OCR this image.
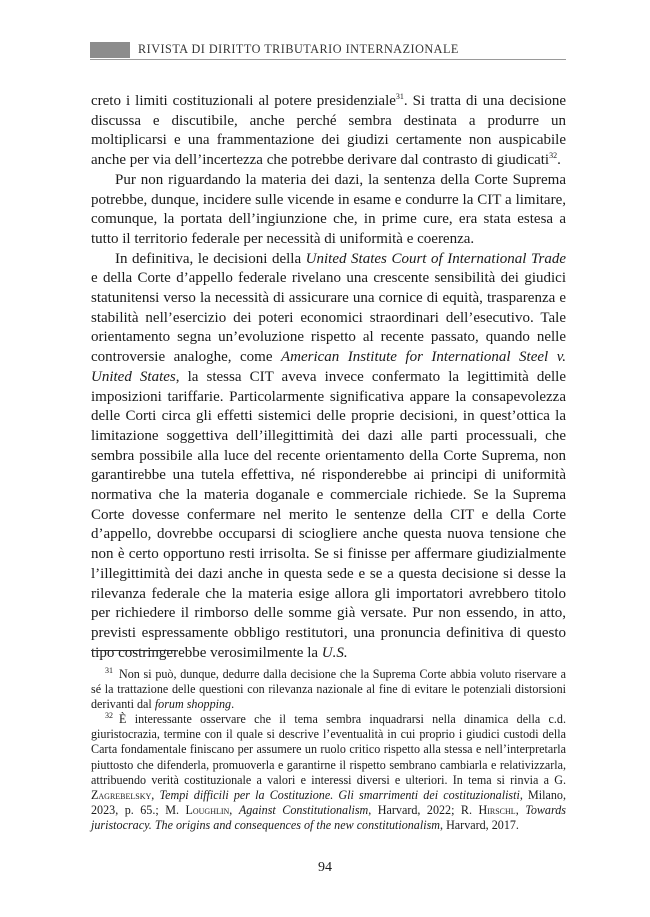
RIVISTA DI DIRITTO TRIBUTARIO INTERNAZIONALE

creto i limiti costituzionali al potere presidenziale$^{31}$. Si tratta di una decisione discussa e discutibile, anche perché sembra destinata a produrre un moltiplicarsi e una frammentazione dei giudizi certamente non auspicabile anche per via dell’incertezza che potrebbe derivare dal contrasto di giudicati$^{32}$.

Pur non riguardando la materia dei dazi, la sentenza della Corte Suprema potrebbe, dunque, incidere sulle vicende in esame e condurre la CIT a limitare, comunque, la portata dell’ingiunzione che, in prime cure, era stata estesa a tutto il territorio federale per necessità di uniformità e coerenza.

In definitiva, le decisioni della United States Court of International Trade e della Corte d’appello federale rivelano una crescente sensibilità dei giudici statunitensi verso la necessità di assicurare una cornice di equità, trasparenza e stabilità nell’esercizio dei poteri economici straordinari dell’esecutivo. Tale orientamento segna un’evoluzione rispetto al recente passato, quando nelle controversie analoghe, come American Institute for International Steel v. United States, la stessa CIT aveva invece confermato la legittimità delle imposizioni tariffarie. Particolarmente significativa appare la consapevolezza delle Corti circa gli effetti sistemici delle proprie decisioni, in quest’ottica la limitazione soggettiva dell’illegittimità dei dazi alle parti processuali, che sembra possibile alla luce del recente orientamento della Corte Suprema, non garantirebbe una tutela effettiva, né risponderebbe ai principi di uniformità normativa che la materia doganale e commerciale richiede. Se la Suprema Corte dovesse confermare nel merito le sentenze della CIT e della Corte d’appello, dovrebbe occuparsi di sciogliere anche questa nuova tensione che non è certo opportuno resti irrisolta. Se si finisse per affermare giudizialmente l’illegittimità dei dazi anche in questa sede e se a questa decisione si desse la rilevanza federale che la materia esige allora gli importatori avrebbero titolo per richiedere il rimborso delle somme già versate. Pur non essendo, in atto, previsti espressamente obbligo restitutori, una pronuncia definitiva di questo tipo costringerebbe verosimilmente la U.S.

$^{31}$ Non si può, dunque, dedurre dalla decisione che la Suprema Corte abbia voluto riservare a sé la trattazione delle questioni con rilevanza nazionale al fine di evitare le potenziali distorsioni derivanti dal forum shopping.

$^{32}$ È interessante osservare che il tema sembra inquadrarsi nella dinamica della c.d. giuristocrazia, termine con il quale si descrive l’eventualità in cui proprio i giudici custodi della Carta fondamentale finiscano per assumere un ruolo critico rispetto alla stessa e nell’interpretarla piuttosto che difenderla, promuoverla e garantirne il rispetto sembrano cambiarla e relativizzarla, attribuendo verità costituzionale a valori e interessi diversi e ulteriori. In tema si rinvia a G. Zagrebelsky, Tempi difficili per la Costituzione. Gli smarrimenti dei costituzionalisti, Milano, 2023, p. 65.; M. Loughlin, Against Constitutionalism, Harvard, 2022; R. Hirschl, Towards juristocracy. The origins and consequences of the new constitutionalism, Harvard, 2017.

94
